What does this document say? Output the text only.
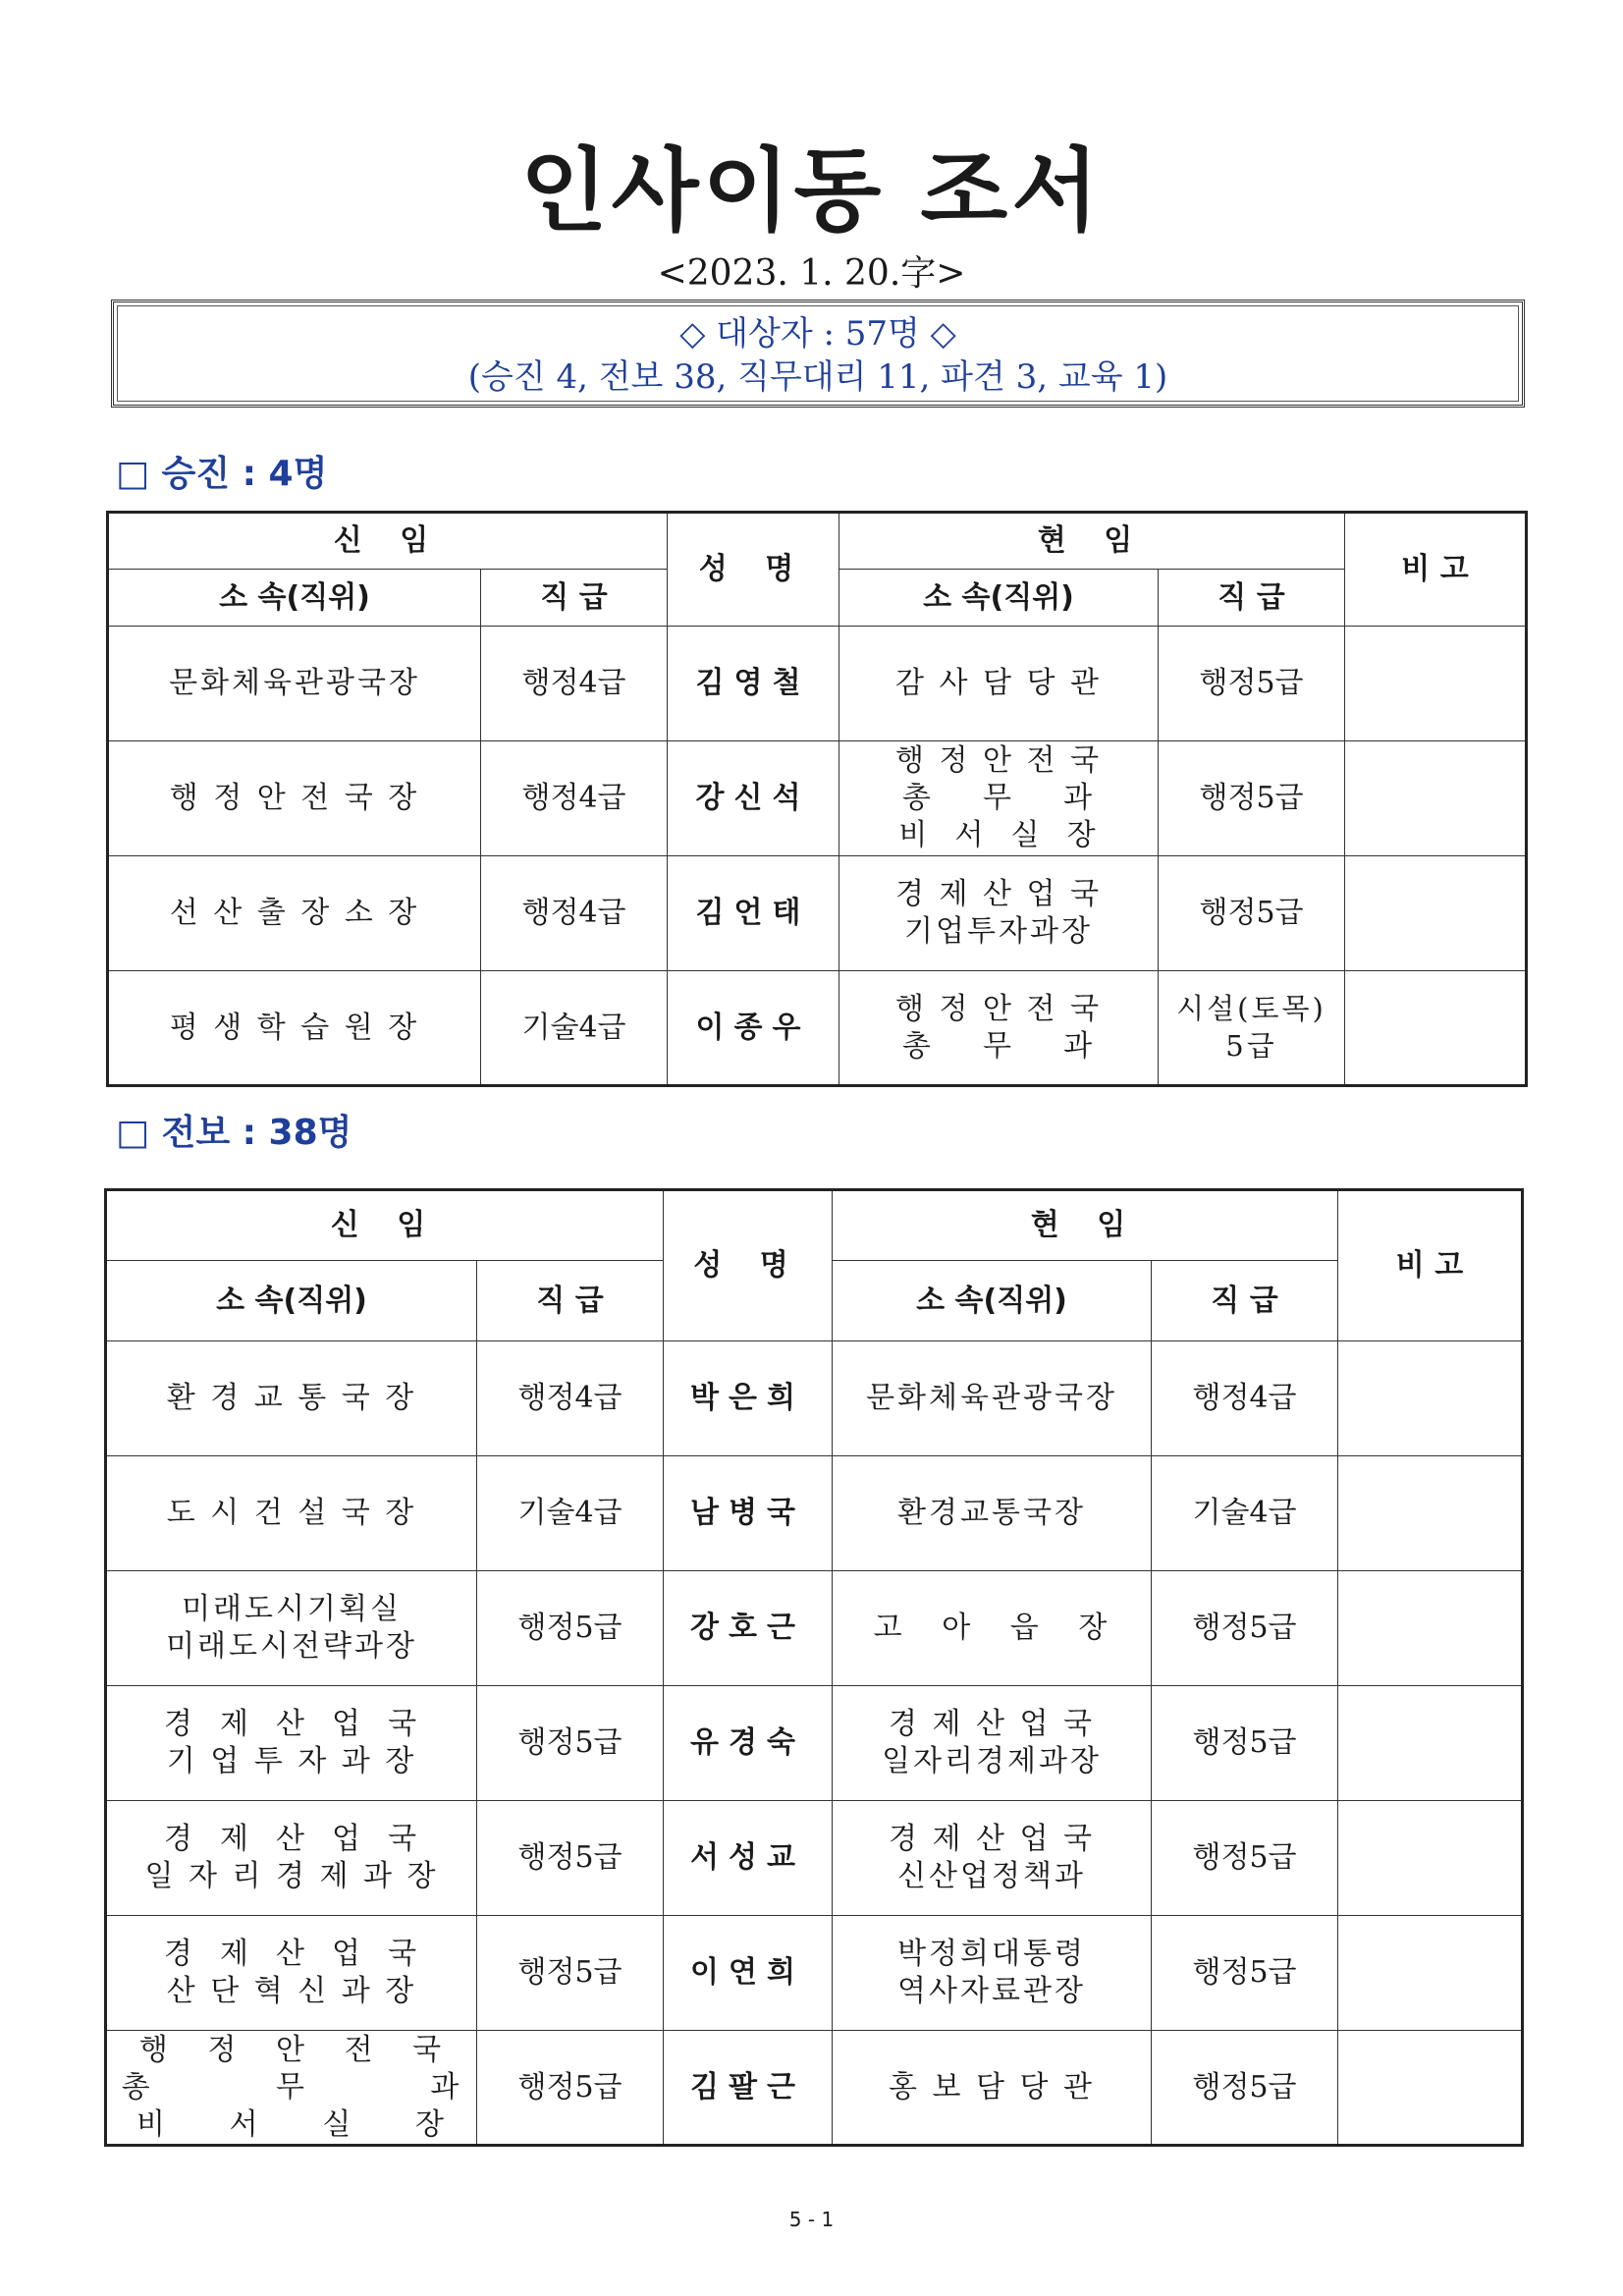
인사이동 조서
<2023. 1. 20.字>
◇ 대상자 : 57명 ◇
(승진 4, 전보 38, 직무대리 11, 파견 3, 교육 1)
□ 승진 : 4명
신 임		성 명	현 임		비 고
소 속(직위)	직 급		소 속(직위)	직 급	
문화체육관광국장	행정4급	김영철	감 사 담 당 관	행정5급	
행 정 안 전 국 장	행정4급	강신석	행 정 안 전 국
총    무    과
비  서  실  장	행정5급	
선 산 출 장 소 장	행정4급	김언태	경 제 산 업 국
기업투자과장	행정5급	
평 생 학 습 원 장	기술4급	이종우	행 정 안 전 국
총    무    과	시설(토목)
5급	
□ 전보 : 38명
신 임		성 명	현 임		비 고
소 속(직위)	직 급		소 속(직위)	직 급	
환 경 교 통 국 장	행정4급	박은희	문화체육관광국장	행정4급	
도 시 건 설 국 장	기술4급	남병국	환경교통국장	기술4급	
미래도시기획실
미래도시전략과장	행정5급	강호근	고   아   읍   장	행정5급	
경  제  산  업  국
기 업 투 자 과 장	행정5급	유경숙	경 제 산 업 국
일자리경제과장	행정5급	
경  제  산  업  국
일 자 리 경 제 과 장	행정5급	서성교	경 제 산 업 국
신산업정책과	행정5급	
경  제  산  업  국
산 단 혁 신 과 장	행정5급	이연희	박정희대통령
역사자료관장	행정5급	
행   정   안   전   국
총          무          과
비     서     실     장	행정5급	김팔근	홍 보 담 당 관	행정5급	
5 - 1
